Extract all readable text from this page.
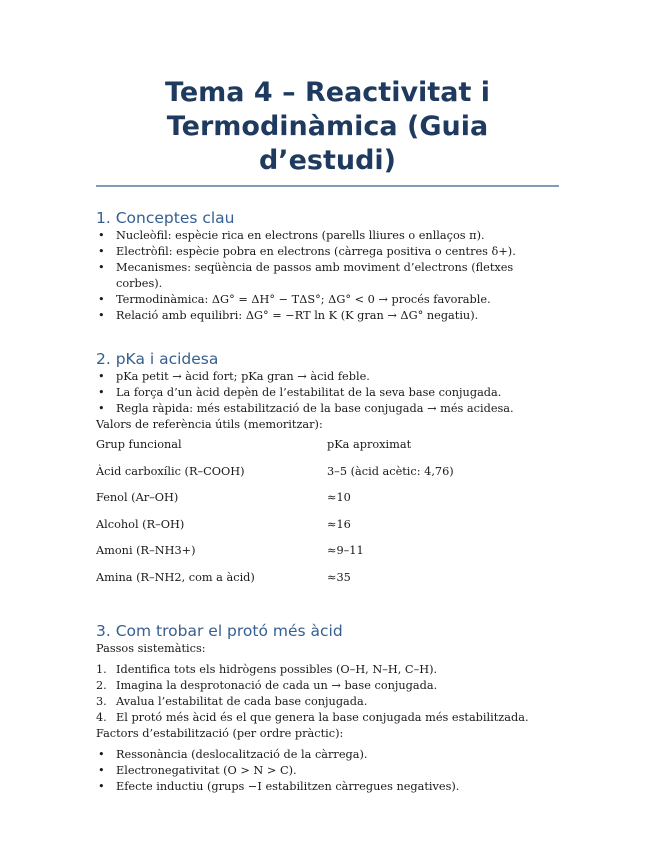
Tema 4 – Reactivitat i Termodinàmica (Guia d’estudi)
1. Conceptes clau
• Nucleòfil: espècie rica en electrons (parells lliures o enllaços π).
• Electròfil: espècie pobra en electrons (càrrega positiva o centres δ+).
• Mecanismes: seqüència de passos amb moviment d’electrons (fletxes corbes).
• Termodinàmica: ΔG° = ΔH° − TΔS°; ΔG° < 0 → procés favorable.
• Relació amb equilibri: ΔG° = −RT ln K (K gran → ΔG° negatiu).
2. pKa i acidesa
• pKa petit → àcid fort; pKa gran → àcid feble.
• La força d’un àcid depèn de l’estabilitat de la seva base conjugada.
• Regla ràpida: més estabilització de la base conjugada → més acidesa.

Valors de referència útils (memoritzar):

Grup funcional	pKa aproximat
Àcid carboxílic (R–COOH)	3–5 (àcid acètic: 4,76)
Fenol (Ar–OH)	≈10
Alcohol (R–OH)	≈16
Amoni (R–NH3+)	≈9–11
Amina (R–NH2, com a àcid)	≈35
3. Com trobar el protó més àcid

Passos sistemàtics:

1. Identifica tots els hidrògens possibles (O–H, N–H, C–H).
2. Imagina la desprotonació de cada un → base conjugada.
3. Avalua l’estabilitat de cada base conjugada.
4. El protó més àcid és el que genera la base conjugada més estabilitzada.

Factors d’estabilització (per ordre pràctic):

• Ressonància (deslocalització de la càrrega).
• Electronegativitat (O > N > C).
• Efecte inductiu (grups −I estabilitzen càrregues negatives).
